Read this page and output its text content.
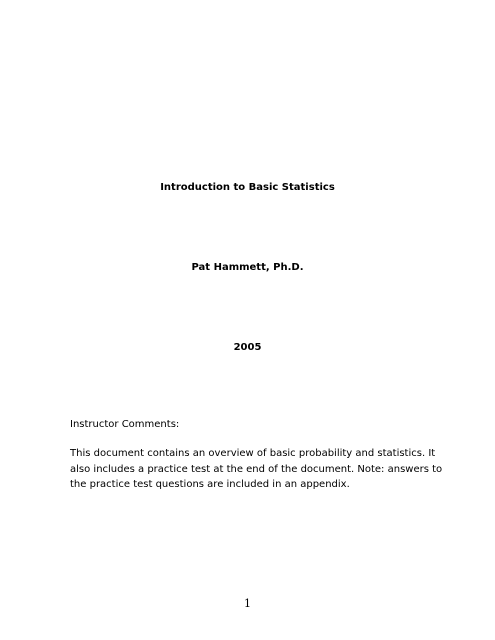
Introduction to Basic Statistics
Pat Hammett, Ph.D.
2005
Instructor Comments:
This document contains an overview of basic probability and statistics. It
also includes a practice test at the end of the document. Note: answers to
the practice test questions are included in an appendix.
1
